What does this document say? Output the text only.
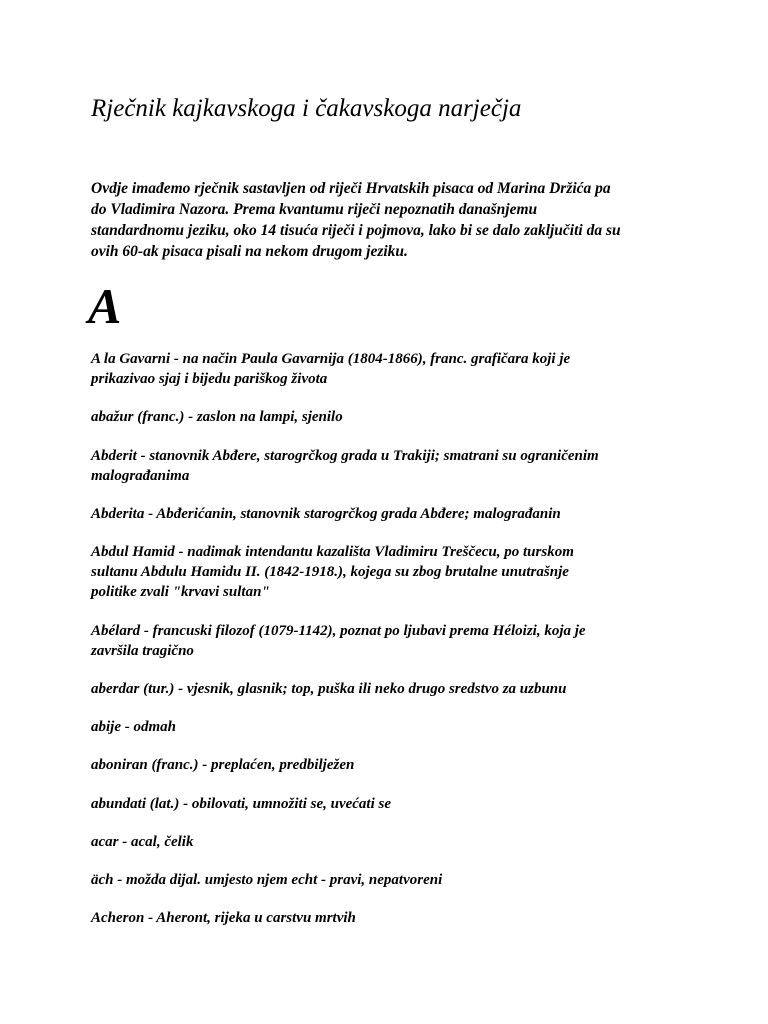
Rječnik kajkavskoga i čakavskoga narječja

Ovdje imađemo rječnik sastavljen od riječi Hrvatskih pisaca od Marina Držića pa
do Vladimira Nazora. Prema kvantumu riječi nepoznatih današnjemu
standardnomu jeziku, oko 14 tisuća riječi i pojmova, lako bi se dalo zaključiti da su
ovih 60-ak pisaca pisali na nekom drugom jeziku.

A

A la Gavarni - na način Paula Gavarnija (1804-1866), franc. grafičara koji je
prikazivao sjaj i bijedu pariškog života

abažur (franc.) - zaslon na lampi, sjenilo

Abderit - stanovnik Abđere, starogrčkog grada u Trakiji; smatrani su ograničenim
malograđanima

Abderita - Abđerićanin, stanovnik starogrčkog grada Abđere; malograđanin

Abdul Hamid - nadimak intendantu kazališta Vladimiru Treščecu, po turskom
sultanu Abdulu Hamidu II. (1842-1918.), kojega su zbog brutalne unutrašnje
politike zvali "krvavi sultan"

Abélard - francuski filozof (1079-1142), poznat po ljubavi prema Héloizi, koja je
završila tragično

aberdar (tur.) - vjesnik, glasnik; top, puška ili neko drugo sredstvo za uzbunu

abije - odmah

aboniran (franc.) - preplaćen, predbilježen

abundati (lat.) - obilovati, umnožiti se, uvećati se

acar - acal, čelik

äch - možda dijal. umjesto njem echt - pravi, nepatvoreni

Acheron - Aheront, rijeka u carstvu mrtvih
